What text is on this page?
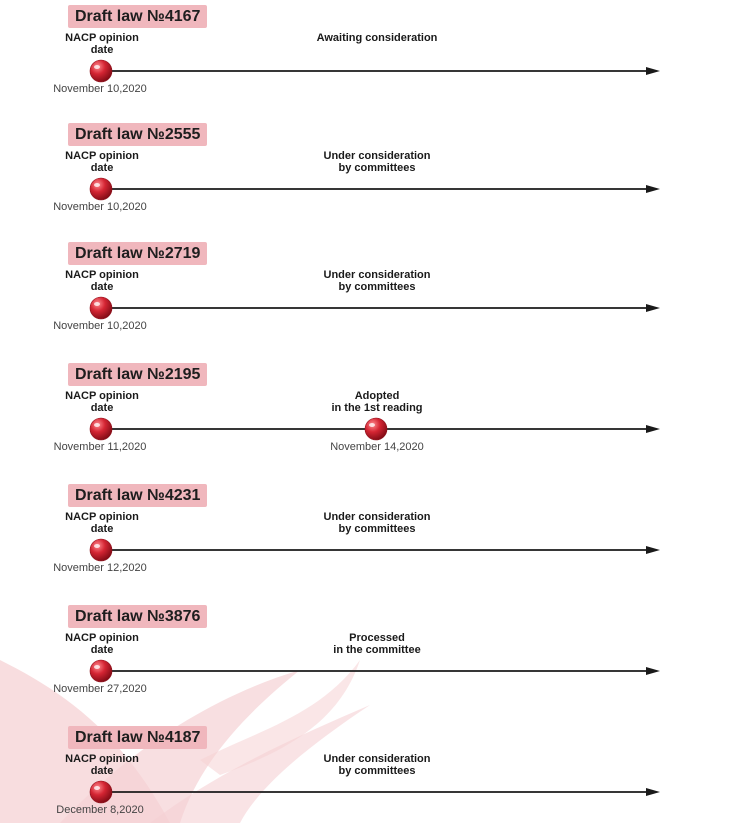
Draft law №4167
NACP opinion
date
Awaiting consideration
November 10,2020
Draft law №2555
NACP opinion
date
Under consideration
by committees
November 10,2020
Draft law №2719
NACP opinion
date
Under consideration
by committees
November 10,2020
Draft law №2195
NACP opinion
date
Adopted
in the 1st reading
November 11,2020	November 14,2020
Draft law №4231
NACP opinion
date
Under consideration
by committees
November 12,2020
Draft law №3876
NACP opinion
date
Processed
in the committee
November 27,2020
Draft law №4187
NACP opinion
date
Under consideration
by committees
December 8,2020
